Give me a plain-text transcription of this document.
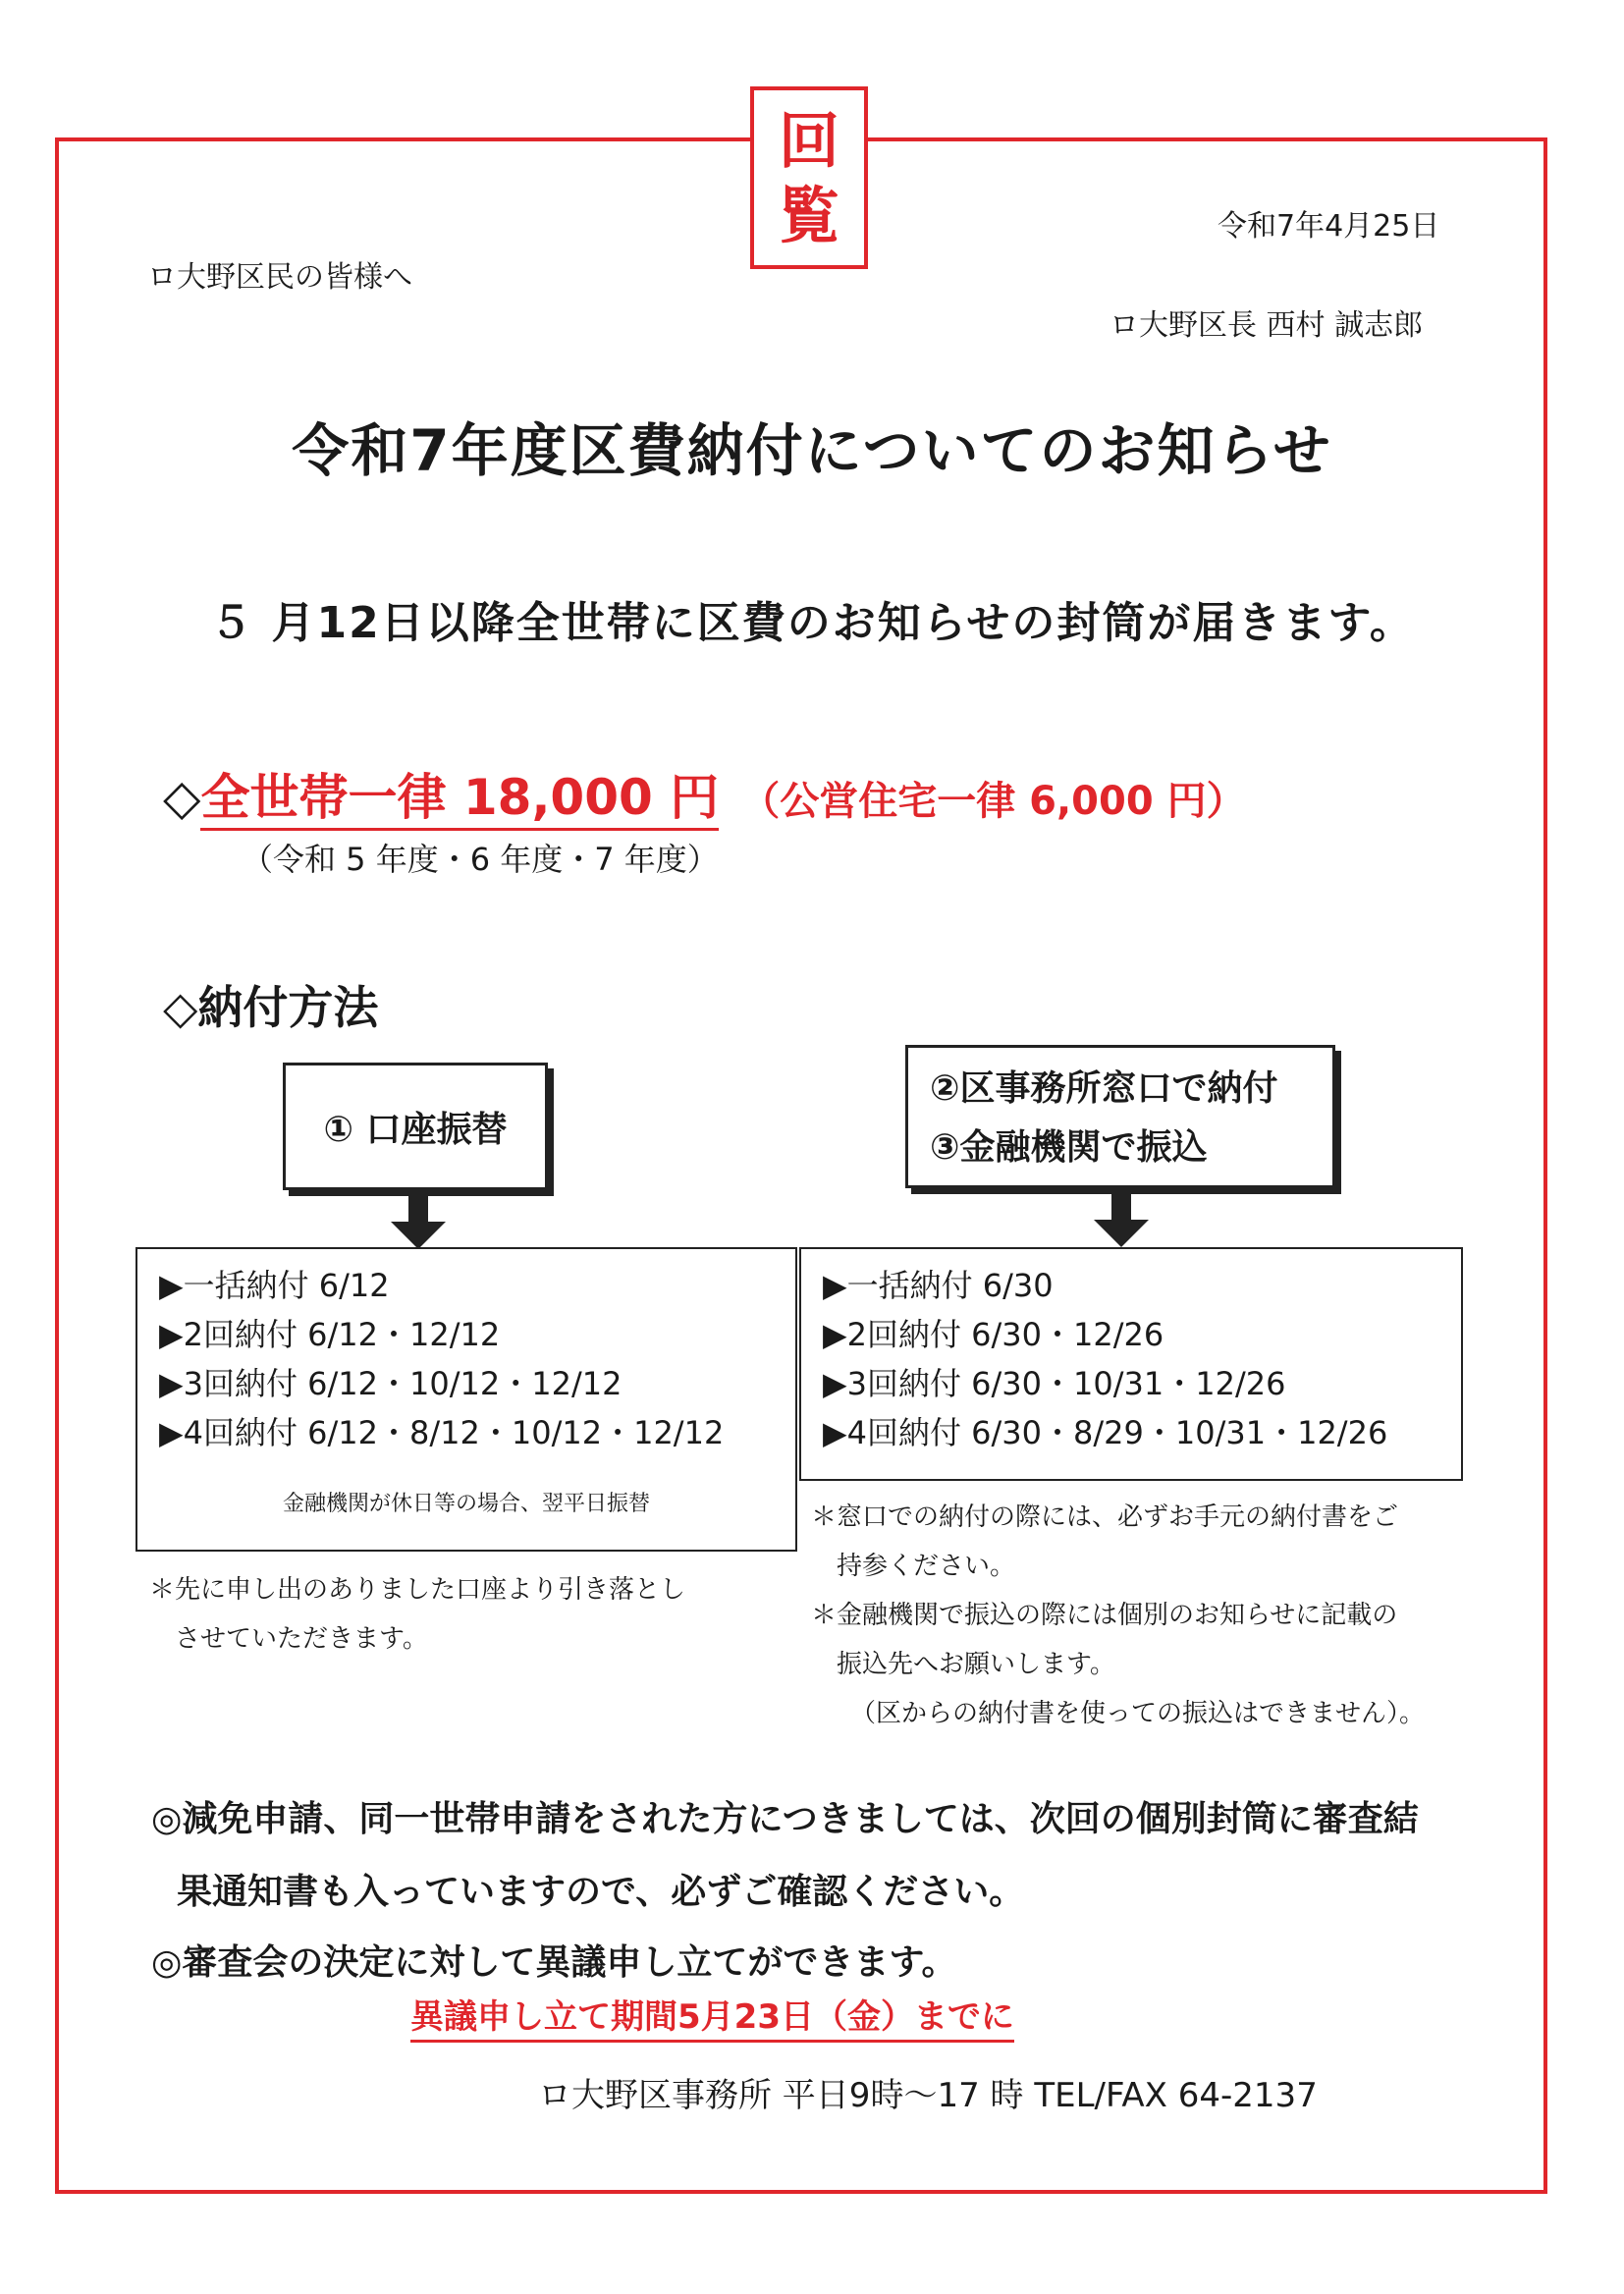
回
覧	令和7年4月25日
ロ大野区民の皆様へ
ロ大野区長 西村 誠志郎
令和7年度区費納付についてのお知らせ
５ 月12日以降全世帯に区費のお知らせの封筒が届きます。
◇全世帯一律 18,000 円 （公営住宅一律 6,000 円）
（令和 5 年度・6 年度・7 年度）
◇納付方法
① 口座振替
②区事務所窓口で納付
③金融機関で振込
▶一括納付 6/12
▶2回納付 6/12・12/12
▶3回納付 6/12・10/12・12/12
▶4回納付 6/12・8/12・10/12・12/12
金融機関が休日等の場合、翌平日振替
▶一括納付 6/30
▶2回納付 6/30・12/26
▶3回納付 6/30・10/31・12/26
▶4回納付 6/30・8/29・10/31・12/26
＊先に申し出のありました口座より引き落とし
させていただきます。
＊窓口での納付の際には、必ずお手元の納付書をご
持参ください。
＊金融機関で振込の際には個別のお知らせに記載の
振込先へお願いします。
（区からの納付書を使っての振込はできません）。
◎減免申請、同一世帯申請をされた方につきましては、次回の個別封筒に審査結
果通知書も入っていますので、必ずご確認ください。
◎審査会の決定に対して異議申し立てができます。
異議申し立て期間5月23日（金）までに
ロ大野区事務所 平日9時～17 時 TEL/FAX 64-2137
